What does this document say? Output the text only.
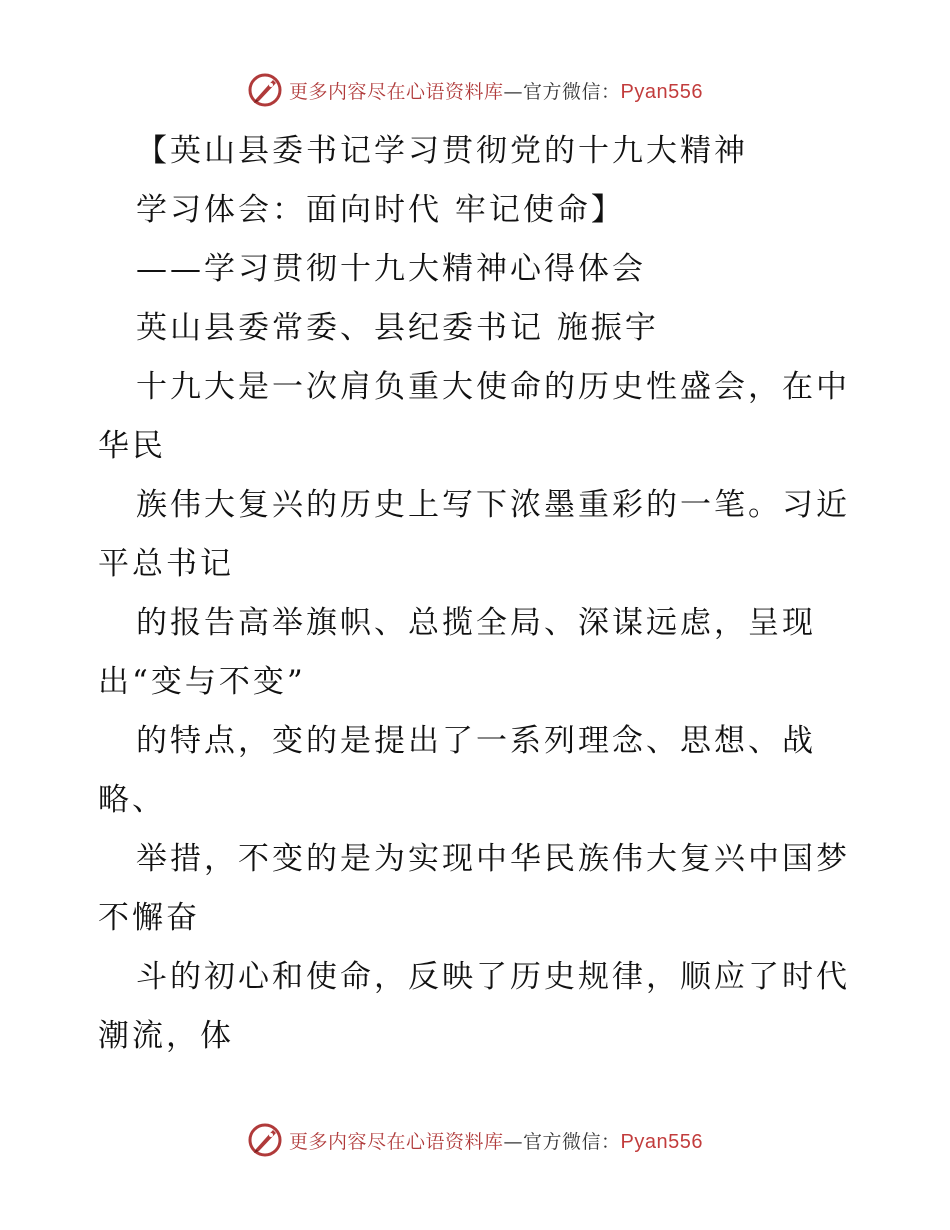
更多内容尽在心语资料库—官方微信：Pyan556
【英山县委书记学习贯彻党的十九大精神
学习体会：面向时代 牢记使命】
——学习贯彻十九大精神心得体会
英山县委常委、县纪委书记 施振宇
十九大是一次肩负重大使命的历史性盛会，在中
华民
族伟大复兴的历史上写下浓墨重彩的一笔。习近
平总书记
的报告高举旗帜、总揽全局、深谋远虑，呈现
出“变与不变”
的特点，变的是提出了一系列理念、思想、战
略、
举措，不变的是为实现中华民族伟大复兴中国梦
不懈奋
斗的初心和使命，反映了历史规律，顺应了时代
潮流，体
更多内容尽在心语资料库—官方微信：Pyan556
